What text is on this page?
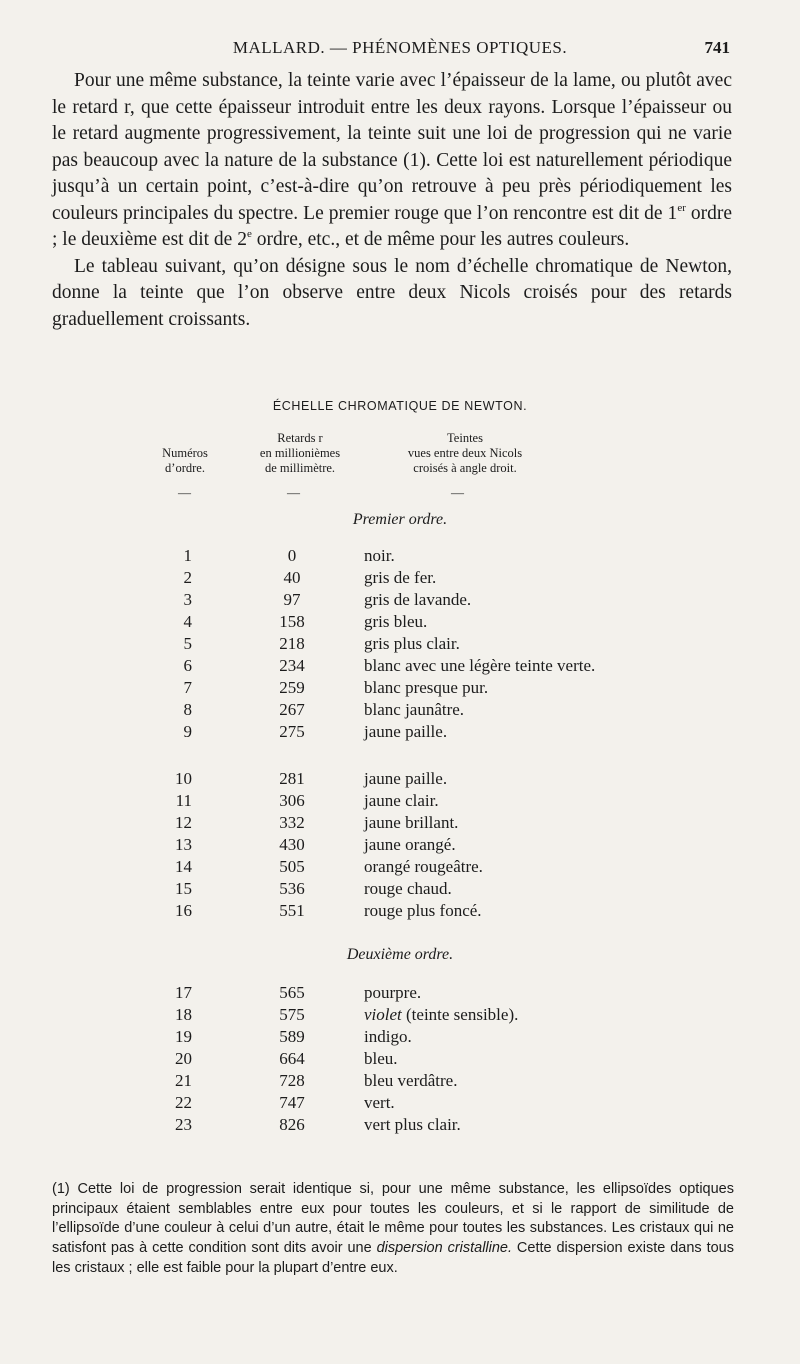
MALLARD. — PHÉNOMÈNES OPTIQUES.	741

Pour une même substance, la teinte varie avec l’épaisseur de la lame, ou plutôt avec le retard r, que cette épaisseur introduit entre les deux rayons. Lorsque l’épaisseur ou le retard augmente progressivement, la teinte suit une loi de progression qui ne varie pas beaucoup avec la nature de la substance (1). Cette loi est naturellement périodique jusqu’à un certain point, c’est-à-dire qu’on retrouve à peu près périodiquement les couleurs principales du spectre. Le premier rouge que l’on rencontre est dit de 1er ordre ; le deuxième est dit de 2e ordre, etc., et de même pour les autres couleurs.

Le tableau suivant, qu’on désigne sous le nom d’échelle chromatique de Newton, donne la teinte que l’on observe entre deux Nicols croisés pour des retards graduellement croissants.

ÉCHELLE CHROMATIQUE DE NEWTON.
Numéros
d’ordre.
Retards r
en millionièmes
de millimètre.
Teintes
vues entre deux Nicols
croisés à angle droit.
—	—	—
Premier ordre.
1	0	noir.
2	40	gris de fer.
3	97	gris de lavande.
4	158	gris bleu.
5	218	gris plus clair.
6	234	blanc avec une légère teinte verte.
7	259	blanc presque pur.
8	267	blanc jaunâtre.
9	275	jaune paille.
10	281	jaune paille.
11	306	jaune clair.
12	332	jaune brillant.
13	430	jaune orangé.
14	505	orangé rougeâtre.
15	536	rouge chaud.
16	551	rouge plus foncé.
Deuxième ordre.
17	565	pourpre.
18	575	violet (teinte sensible).
19	589	indigo.
20	664	bleu.
21	728	bleu verdâtre.
22	747	vert.
23	826	vert plus clair.

(1) Cette loi de progression serait identique si, pour une même substance, les ellipsoïdes optiques principaux étaient semblables entre eux pour toutes les couleurs, et si le rapport de similitude de l’ellipsoïde d’une couleur à celui d’un autre, était le même pour toutes les substances. Les cristaux qui ne satisfont pas à cette condition sont dits avoir une dispersion cristalline. Cette dispersion existe dans tous les cristaux ; elle est faible pour la plupart d’entre eux.
